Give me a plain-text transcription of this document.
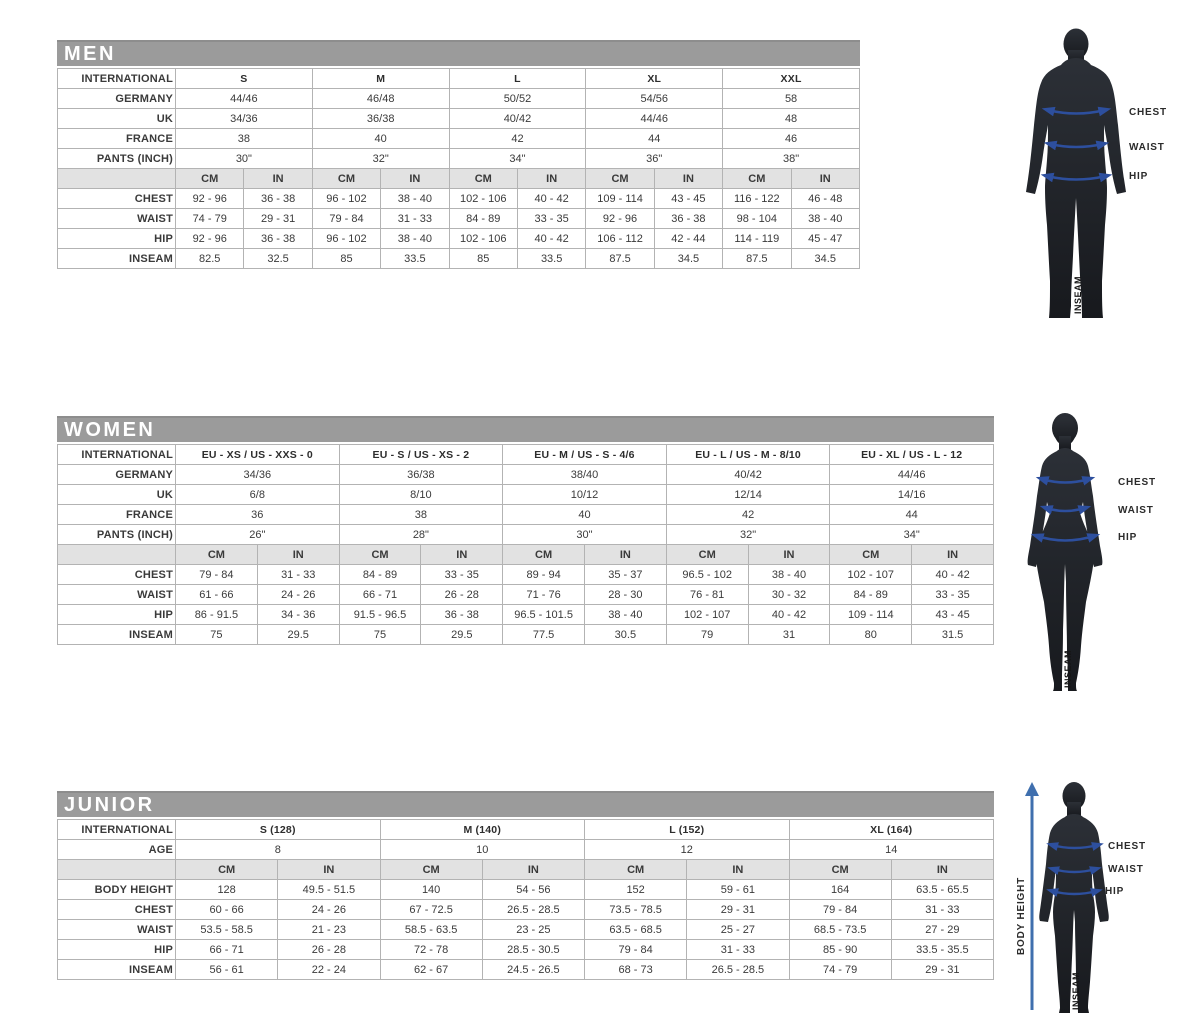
MEN
INTERNATIONAL	S		M		L		XL		XXL	
GERMANY	44/46		46/48		50/52		54/56		58	
UK	34/36		36/38		40/42		44/46		48	
FRANCE	38		40		42		44		46	
PANTS (INCH)	30"		32"		34"		36"		38"	
	CM	IN	CM	IN	CM	IN	CM	IN	CM	IN
CHEST	92 - 96	36 - 38	96 - 102	38 - 40	102 - 106	40 - 42	109 - 114	43 - 45	116 - 122	46 - 48
WAIST	74 - 79	29 - 31	79 - 84	31 - 33	84 - 89	33 - 35	92 - 96	36 - 38	98 - 104	38 - 40
HIP	92 - 96	36 - 38	96 - 102	38 - 40	102 - 106	40 - 42	106 - 112	42 - 44	114 - 119	45 - 47
INSEAM	82.5	32.5	85	33.5	85	33.5	87.5	34.5	87.5	34.5
CHEST
WAIST
HIP
INSEAM
WOMEN
INTERNATIONAL	EU - XS / US - XXS - 0		EU - S / US - XS - 2		EU - M / US - S - 4/6		EU - L / US - M - 8/10		EU - XL / US - L - 12	
GERMANY	34/36		36/38		38/40		40/42		44/46	
UK	6/8		8/10		10/12		12/14		14/16	
FRANCE	36		38		40		42		44	
PANTS (INCH)	26"		28"		30"		32"		34"	
	CM	IN	CM	IN	CM	IN	CM	IN	CM	IN
CHEST	79 - 84	31 - 33	84 - 89	33 - 35	89 - 94	35 - 37	96.5 - 102	38 - 40	102 - 107	40 - 42
WAIST	61 - 66	24 - 26	66 - 71	26 - 28	71 - 76	28 - 30	76 - 81	30 - 32	84 - 89	33 - 35
HIP	86 - 91.5	34 - 36	91.5 - 96.5	36 - 38	96.5 - 101.5	38 - 40	102 - 107	40 - 42	109 - 114	43 - 45
INSEAM	75	29.5	75	29.5	77.5	30.5	79	31	80	31.5
CHEST
WAIST
HIP
INSEAM
JUNIOR
INTERNATIONAL	S (128)		M (140)		L (152)		XL (164)	
AGE	8		10		12		14	
	CM	IN	CM	IN	CM	IN	CM	IN
BODY HEIGHT	128	49.5 - 51.5	140	54 - 56	152	59 - 61	164	63.5 - 65.5
CHEST	60 - 66	24 - 26	67 - 72.5	26.5 - 28.5	73.5 - 78.5	29 - 31	79 - 84	31 - 33
WAIST	53.5 - 58.5	21 - 23	58.5 - 63.5	23 - 25	63.5 - 68.5	25 - 27	68.5 - 73.5	27 - 29
HIP	66 - 71	26 - 28	72 - 78	28.5 - 30.5	79 - 84	31 - 33	85 - 90	33.5 - 35.5
INSEAM	56 - 61	22 - 24	62 - 67	24.5 - 26.5	68 - 73	26.5 - 28.5	74 - 79	29 - 31
CHEST
WAIST
HIP
INSEAM
BODY HEIGHT
